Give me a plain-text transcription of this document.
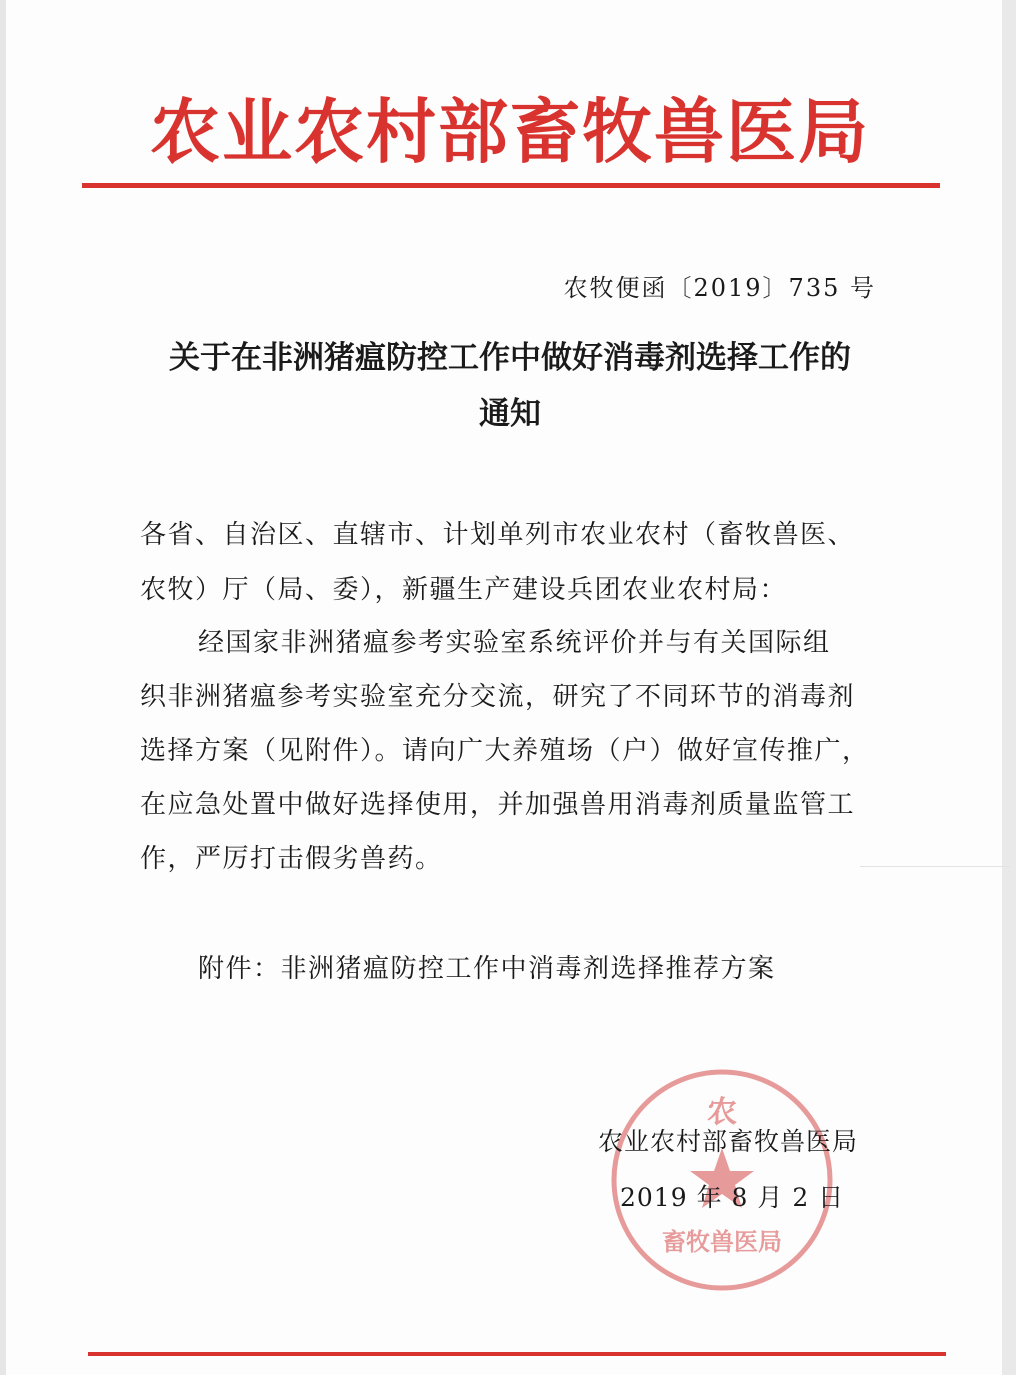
农业农村部畜牧兽医局
农牧便函〔2019〕735 号
关于在非洲猪瘟防控工作中做好消毒剂选择工作的
通知
各省、自治区、直辖市、计划单列市农业农村（畜牧兽医、
农牧）厅（局、委），新疆生产建设兵团农业农村局：
经国家非洲猪瘟参考实验室系统评价并与有关国际组
织非洲猪瘟参考实验室充分交流，研究了不同环节的消毒剂
选择方案（见附件）。请向广大养殖场（户）做好宣传推广，
在应急处置中做好选择使用，并加强兽用消毒剂质量监管工
作，严厉打击假劣兽药。
附件：非洲猪瘟防控工作中消毒剂选择推荐方案
农
畜牧兽医局
农业农村部畜牧兽医局
2019 年 8 月 2 日
